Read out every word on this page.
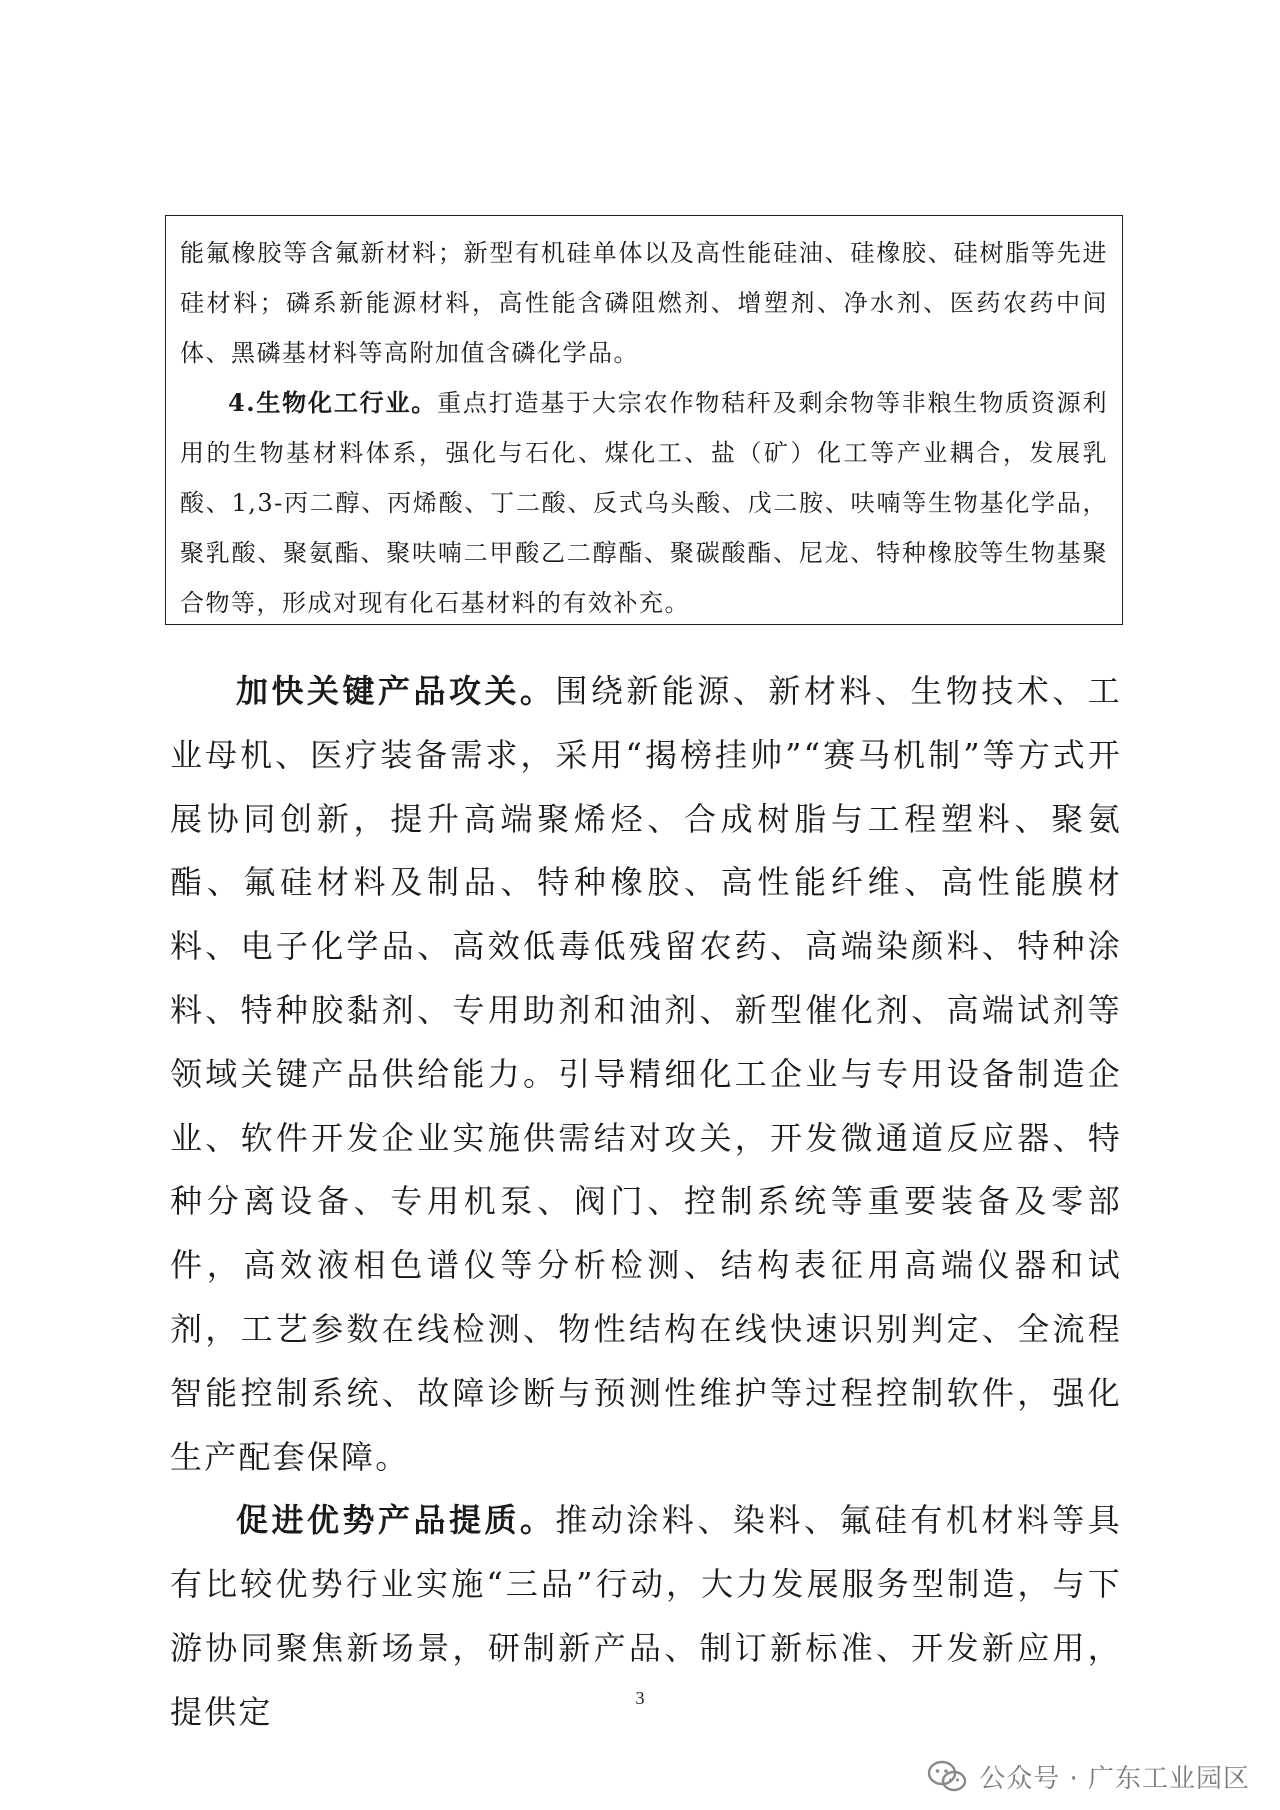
能氟橡胶等含氟新材料；新型有机硅单体以及高性能硅油、硅橡胶、硅树脂等先进硅材料；磷系新能源材料，高性能含磷阻燃剂、增塑剂、净水剂、医药农药中间体、黑磷基材料等高附加值含磷化学品。

4.生物化工行业。重点打造基于大宗农作物秸秆及剩余物等非粮生物质资源利用的生物基材料体系，强化与石化、煤化工、盐（矿）化工等产业耦合，发展乳酸、1,3-丙二醇、丙烯酸、丁二酸、反式乌头酸、戊二胺、呋喃等生物基化学品，聚乳酸、聚氨酯、聚呋喃二甲酸乙二醇酯、聚碳酸酯、尼龙、特种橡胶等生物基聚合物等，形成对现有化石基材料的有效补充。

加快关键产品攻关。围绕新能源、新材料、生物技术、工业母机、医疗装备需求，采用“揭榜挂帅”“赛马机制”等方式开展协同创新，提升高端聚烯烃、合成树脂与工程塑料、聚氨酯、氟硅材料及制品、特种橡胶、高性能纤维、高性能膜材料、电子化学品、高效低毒低残留农药、高端染颜料、特种涂料、特种胶黏剂、专用助剂和油剂、新型催化剂、高端试剂等领域关键产品供给能力。引导精细化工企业与专用设备制造企业、软件开发企业实施供需结对攻关，开发微通道反应器、特种分离设备、专用机泵、阀门、控制系统等重要装备及零部件，高效液相色谱仪等分析检测、结构表征用高端仪器和试剂，工艺参数在线检测、物性结构在线快速识别判定、全流程智能控制系统、故障诊断与预测性维护等过程控制软件，强化生产配套保障。

促进优势产品提质。推动涂料、染料、氟硅有机材料等具有比较优势行业实施“三品”行动，大力发展服务型制造，与下游协同聚焦新场景，研制新产品、制订新标准、开发新应用，提供定	3
公众号 · 广东工业园区
